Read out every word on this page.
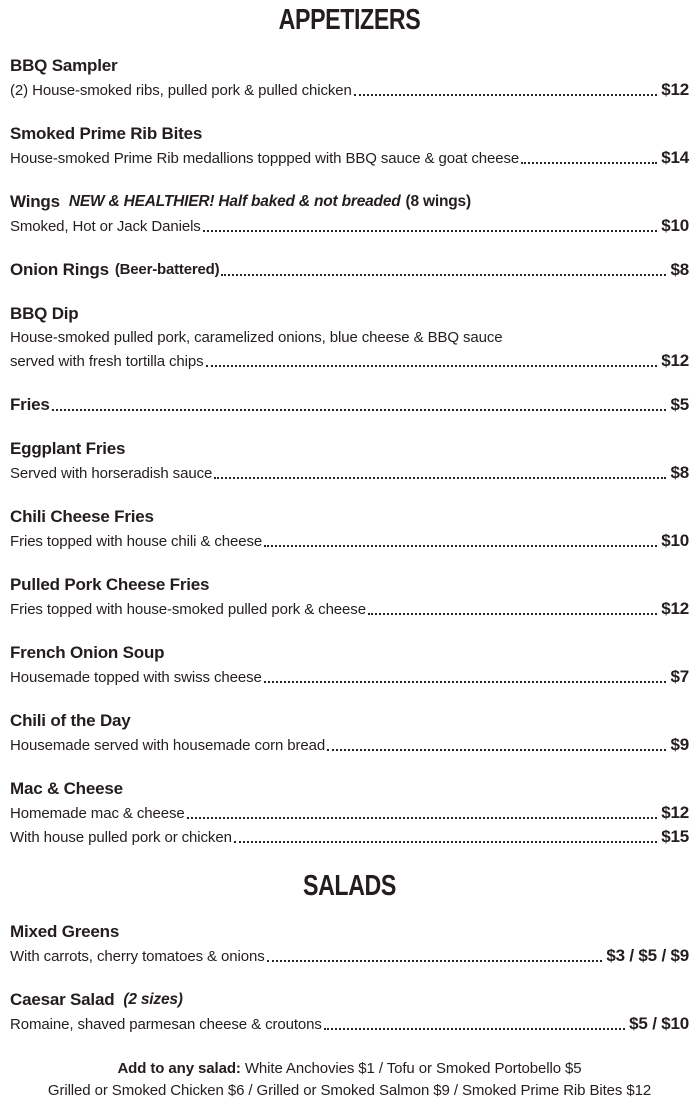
APPETIZERS
BBQ Sampler
(2) House-smoked ribs, pulled pork & pulled chicken	$12
Smoked Prime Rib Bites
House-smoked Prime Rib medallions toppped with BBQ sauce & goat cheese	$14
Wings NEW & HEALTHIER! Half baked & not breaded (8 wings)
Smoked, Hot or Jack Daniels	$10
Onion Rings (Beer-battered)	$8
BBQ Dip
House-smoked pulled pork, caramelized onions, blue cheese & BBQ sauce
served with fresh tortilla chips	$12
Fries	$5
Eggplant Fries
Served with horseradish sauce	$8
Chili Cheese Fries
Fries topped with house chili & cheese	$10
Pulled Pork Cheese Fries
Fries topped with house-smoked pulled pork & cheese	$12
French Onion Soup
Housemade topped with swiss cheese	$7
Chili of the Day
Housemade served with housemade corn bread	$9
Mac & Cheese
Homemade mac & cheese	$12
With house pulled pork or chicken	$15
SALADS
Mixed Greens
With carrots, cherry tomatoes & onions	$3 / $5 / $9
Caesar Salad (2 sizes)
Romaine, shaved parmesan cheese & croutons	$5 / $10
Add to any salad: White Anchovies $1 / Tofu or Smoked Portobello $5
Grilled or Smoked Chicken $6 / Grilled or Smoked Salmon $9 / Smoked Prime Rib Bites $12
